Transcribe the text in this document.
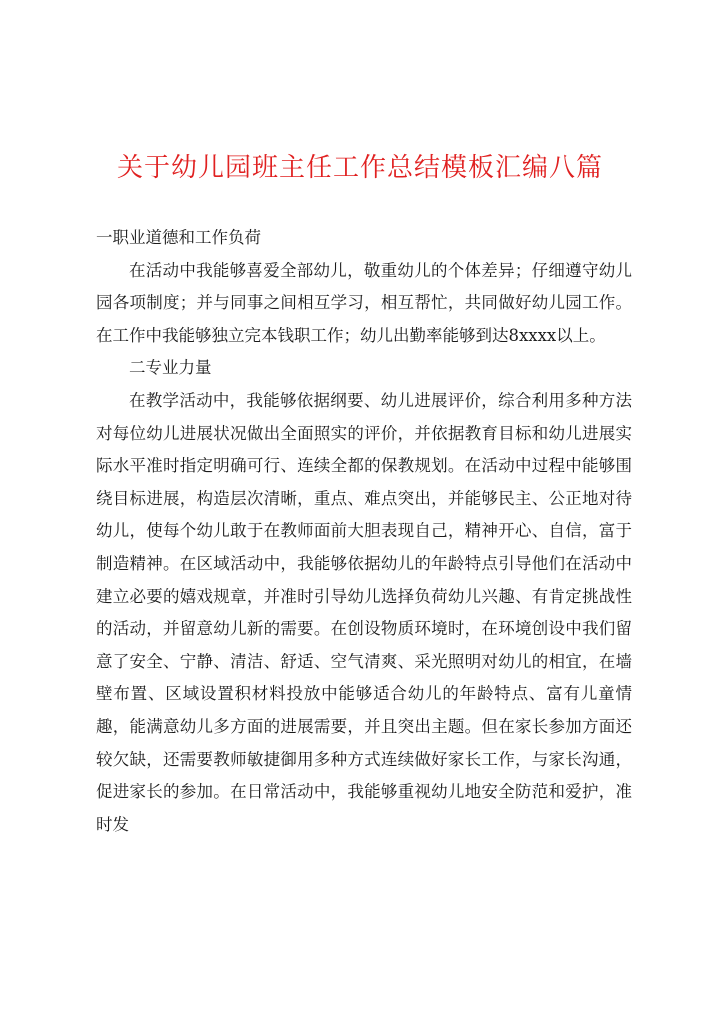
关于幼儿园班主任工作总结模板汇编八篇

一职业道德和工作负荷

在活动中我能够喜爱全部幼儿，敬重幼儿的个体差异；仔细遵守幼儿园各项制度；并与同事之间相互学习，相互帮忙，共同做好幼儿园工作。在工作中我能够独立完本钱职工作；幼儿出勤率能够到达8xxxx以上。

二专业力量

在教学活动中，我能够依据纲要、幼儿进展评价，综合利用多种方法对每位幼儿进展状况做出全面照实的评价，并依据教育目标和幼儿进展实际水平准时指定明确可行、连续全都的保教规划。在活动中过程中能够围绕目标进展，构造层次清晰，重点、难点突出，并能够民主、公正地对待幼儿，使每个幼儿敢于在教师面前大胆表现自己，精神开心、自信，富于制造精神。在区域活动中，我能够依据幼儿的年龄特点引导他们在活动中建立必要的嬉戏规章，并准时引导幼儿选择负荷幼儿兴趣、有肯定挑战性的活动，并留意幼儿新的需要。在创设物质环境时，在环境创设中我们留意了安全、宁静、清洁、舒适、空气清爽、采光照明对幼儿的相宜，在墙壁布置、区域设置积材料投放中能够适合幼儿的年龄特点、富有儿童情趣，能满意幼儿多方面的进展需要，并且突出主题。但在家长参加方面还较欠缺，还需要教师敏捷御用多种方式连续做好家长工作，与家长沟通，促进家长的参加。在日常活动中，我能够重视幼儿地安全防范和爱护，准时发
